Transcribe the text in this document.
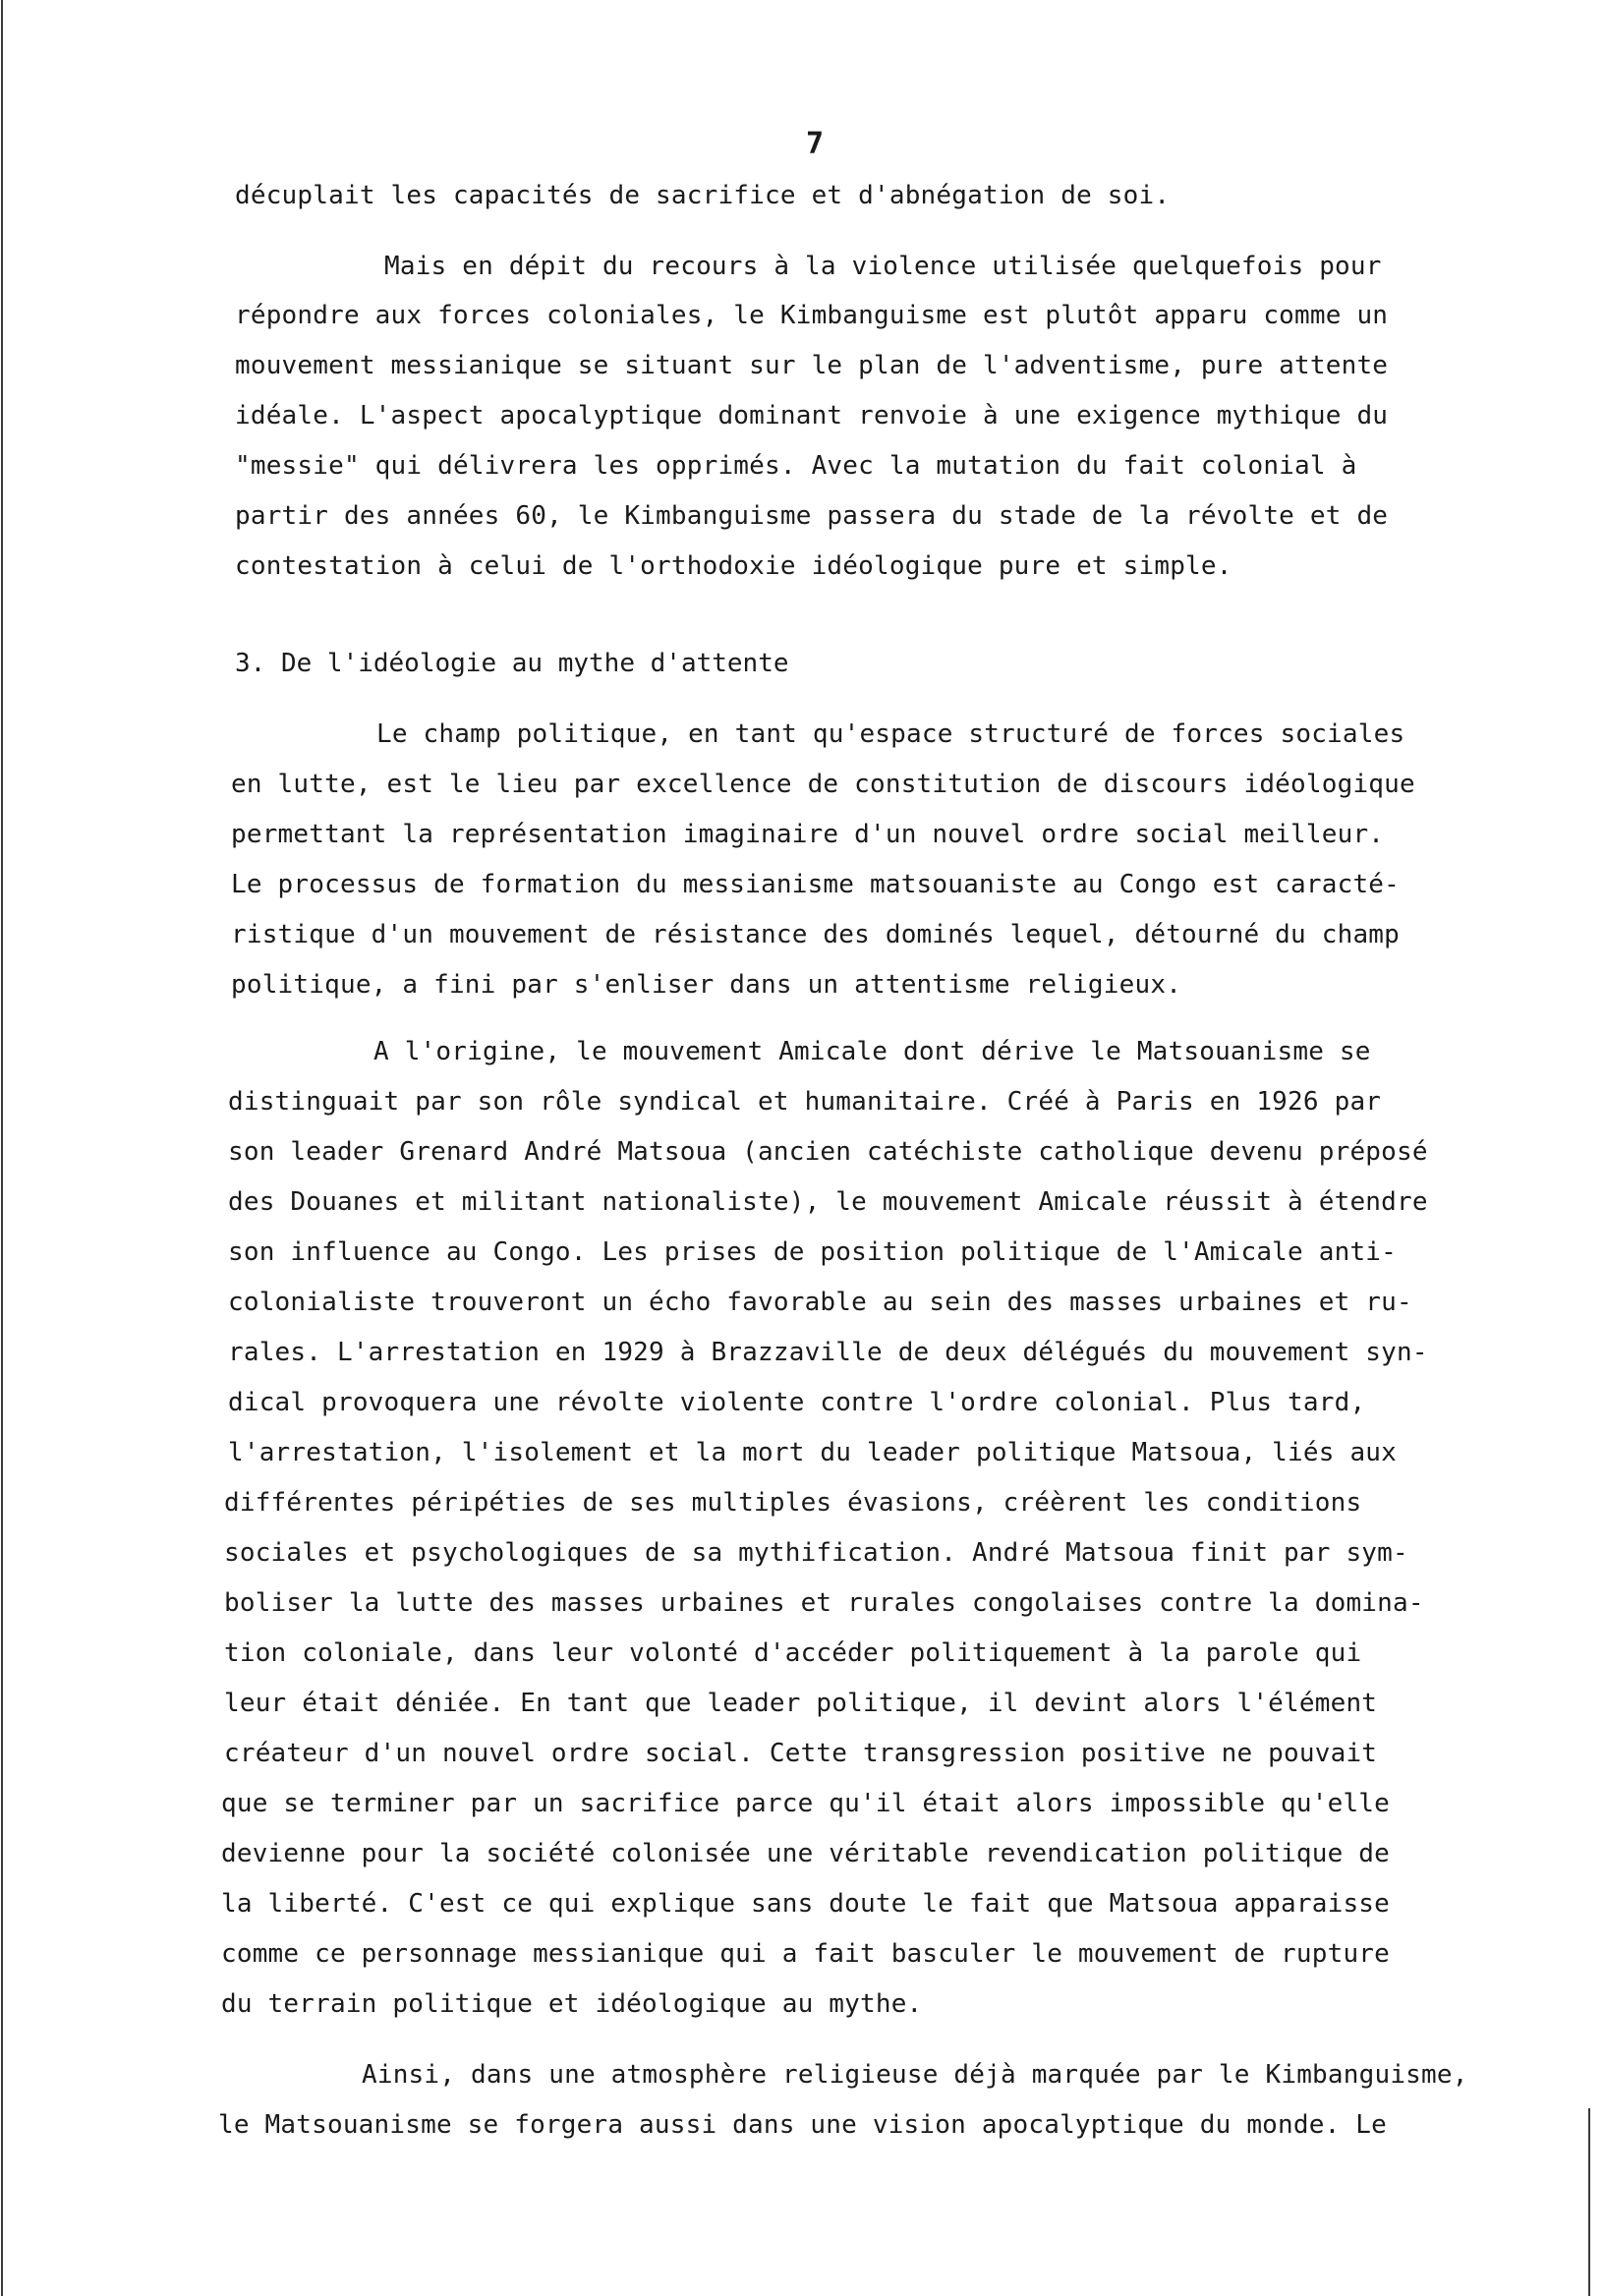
7
décuplait les capacités de sacrifice et d'abnégation de soi.
Mais en dépit du recours à la violence utilisée quelquefois pour
répondre aux forces coloniales, le Kimbanguisme est plutôt apparu comme un
mouvement messianique se situant sur le plan de l'adventisme, pure attente
idéale. L'aspect apocalyptique dominant renvoie à une exigence mythique du
"messie" qui délivrera les opprimés. Avec la mutation du fait colonial à
partir des années 60, le Kimbanguisme passera du stade de la révolte et de
contestation à celui de l'orthodoxie idéologique pure et simple.
3. De l'idéologie au mythe d'attente
Le champ politique, en tant qu'espace structuré de forces sociales
en lutte, est le lieu par excellence de constitution de discours idéologique
permettant la représentation imaginaire d'un nouvel ordre social meilleur.
Le processus de formation du messianisme matsouaniste au Congo est caracté-
ristique d'un mouvement de résistance des dominés lequel, détourné du champ
politique, a fini par s'enliser dans un attentisme religieux.
A l'origine, le mouvement Amicale dont dérive le Matsouanisme se
distinguait par son rôle syndical et humanitaire. Créé à Paris en 1926 par
son leader Grenard André Matsoua (ancien catéchiste catholique devenu préposé
des Douanes et militant nationaliste), le mouvement Amicale réussit à étendre
son influence au Congo. Les prises de position politique de l'Amicale anti-
colonialiste trouveront un écho favorable au sein des masses urbaines et ru-
rales. L'arrestation en 1929 à Brazzaville de deux délégués du mouvement syn-
dical provoquera une révolte violente contre l'ordre colonial. Plus tard,
l'arrestation, l'isolement et la mort du leader politique Matsoua, liés aux
différentes péripéties de ses multiples évasions, créèrent les conditions
sociales et psychologiques de sa mythification. André Matsoua finit par sym-
boliser la lutte des masses urbaines et rurales congolaises contre la domina-
tion coloniale, dans leur volonté d'accéder politiquement à la parole qui
leur était déniée. En tant que leader politique, il devint alors l'élément
créateur d'un nouvel ordre social. Cette transgression positive ne pouvait
que se terminer par un sacrifice parce qu'il était alors impossible qu'elle
devienne pour la société colonisée une véritable revendication politique de
la liberté. C'est ce qui explique sans doute le fait que Matsoua apparaisse
comme ce personnage messianique qui a fait basculer le mouvement de rupture
du terrain politique et idéologique au mythe.
Ainsi, dans une atmosphère religieuse déjà marquée par le Kimbanguisme,
le Matsouanisme se forgera aussi dans une vision apocalyptique du monde. Le
